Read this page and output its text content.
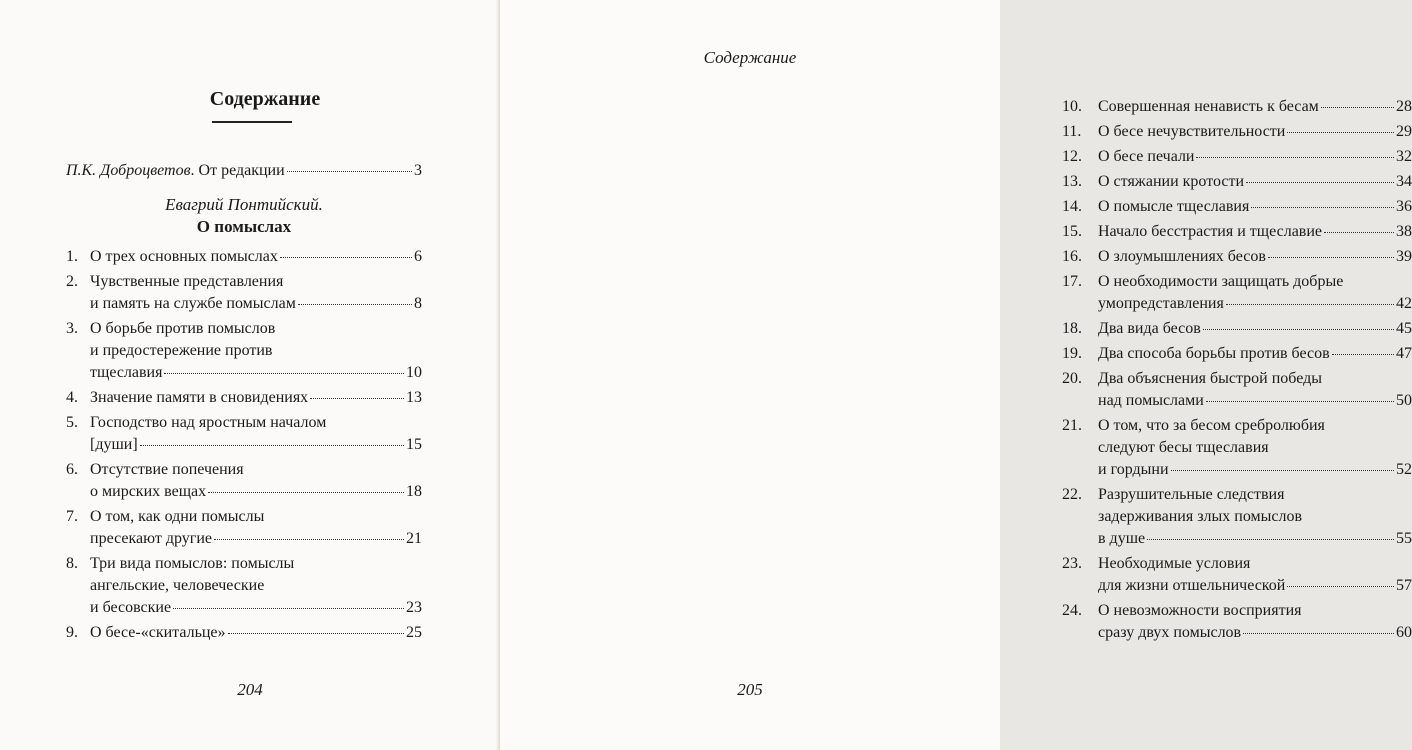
Содержание
П.К. Доброцветов. От редакции	3
Евагрий Понтийский.
О помыслах
1. О трех основных помыслах	6
2. Чувственные представления
и память на службе помыслам	8
3. О борьбе против помыслов
и предостережение против
тщеславия	10
4. Значение памяти в сновидениях	13
5. Господство над яростным началом
[души]	15
6. Отсутствие попечения
о мирских вещах	18
7. О том, как одни помыслы
пресекают другие	21
8. Три вида помыслов: помыслы
ангельские, человеческие
и бесовские	23
9. О бесе-«скитальце»	25
204
Содержание
10. Совершенная ненависть к бесам	28
11. О бесе нечувствительности	29
12. О бесе печали	32
13. О стяжании кротости	34
14. О помысле тщеславия	36
15. Начало бесстрастия и тщеславие	38
16. О злоумышлениях бесов	39
17. О необходимости защищать добрые
умопредставления	42
18. Два вида бесов	45
19. Два способа борьбы против бесов	47
20. Два объяснения быстрой победы
над помыслами	50
21. О том, что за бесом сребролюбия
следуют бесы тщеславия
и гордыни	52
22. Разрушительные следствия
задерживания злых помыслов
в душе	55
23. Необходимые условия
для жизни отшельнической	57
24. О невозможности восприятия
сразу двух помыслов	60
205
